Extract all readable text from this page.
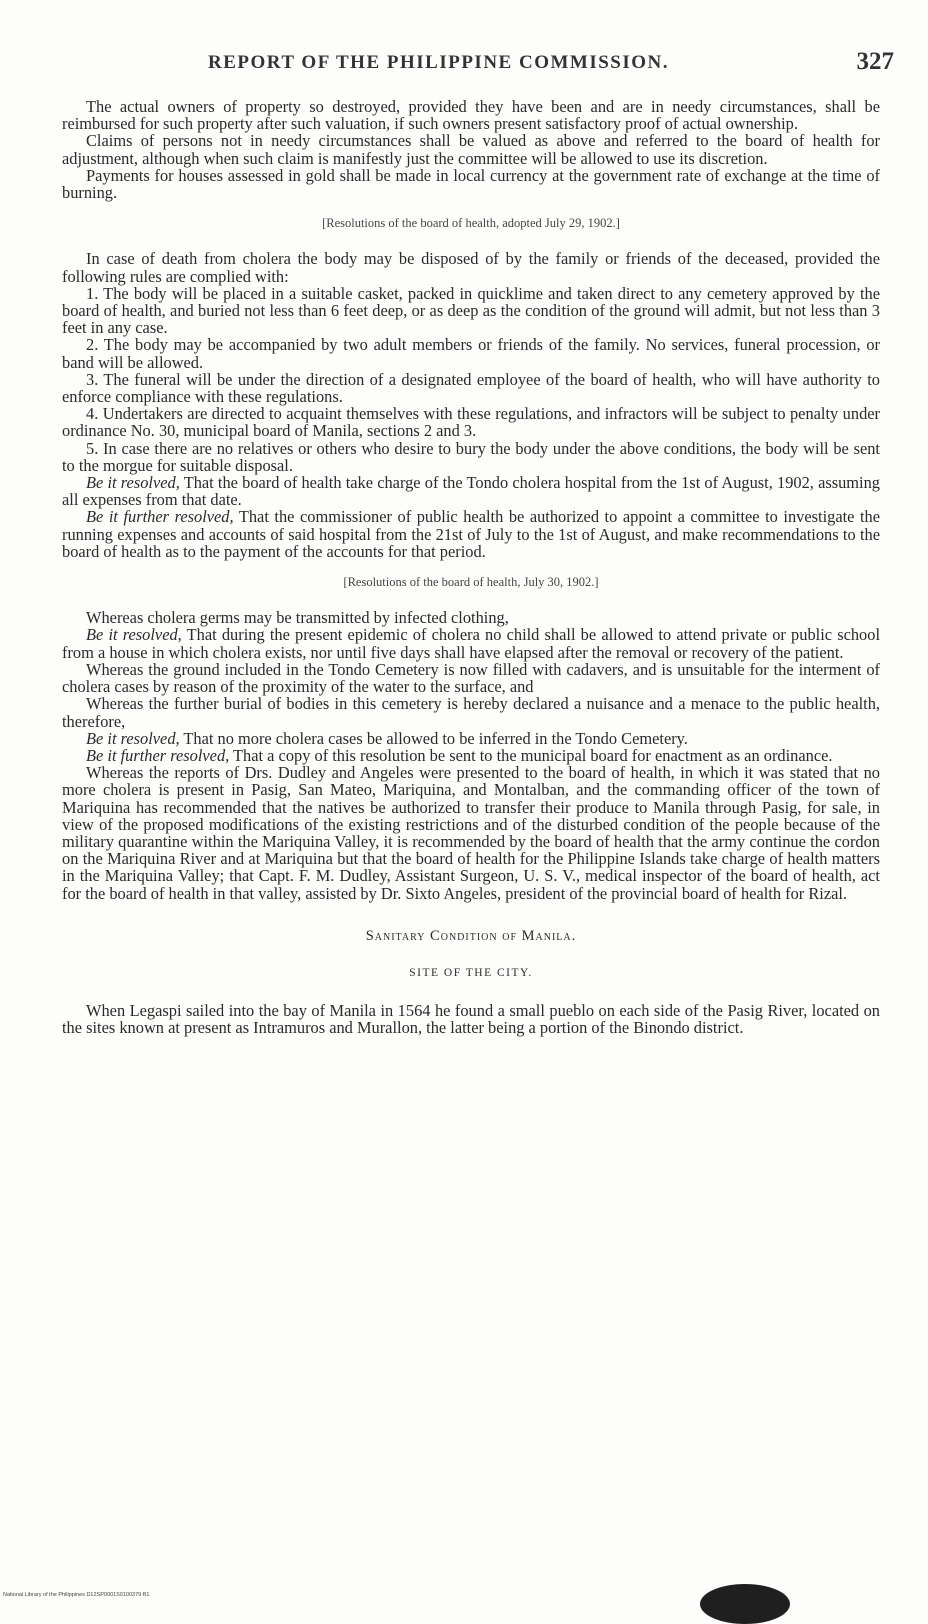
REPORT OF THE PHILIPPINE COMMISSION.	327

The actual owners of property so destroyed, provided they have been and are in needy circumstances, shall be reimbursed for such property after such valuation, if such owners present satisfactory proof of actual ownership.

Claims of persons not in needy circumstances shall be valued as above and referred to the board of health for adjustment, although when such claim is manifestly just the committee will be allowed to use its discretion.

Payments for houses assessed in gold shall be made in local currency at the government rate of exchange at the time of burning.

[Resolutions of the board of health, adopted July 29, 1902.]

In case of death from cholera the body may be disposed of by the family or friends of the deceased, provided the following rules are complied with:

1. The body will be placed in a suitable casket, packed in quicklime and taken direct to any cemetery approved by the board of health, and buried not less than 6 feet deep, or as deep as the condition of the ground will admit, but not less than 3 feet in any case.

2. The body may be accompanied by two adult members or friends of the family. No services, funeral procession, or band will be allowed.

3. The funeral will be under the direction of a designated employee of the board of health, who will have authority to enforce compliance with these regulations.

4. Undertakers are directed to acquaint themselves with these regulations, and infractors will be subject to penalty under ordinance No. 30, municipal board of Manila, sections 2 and 3.

5. In case there are no relatives or others who desire to bury the body under the above conditions, the body will be sent to the morgue for suitable disposal.

Be it resolved, That the board of health take charge of the Tondo cholera hospital from the 1st of August, 1902, assuming all expenses from that date.

Be it further resolved, That the commissioner of public health be authorized to appoint a committee to investigate the running expenses and accounts of said hospital from the 21st of July to the 1st of August, and make recommendations to the board of health as to the payment of the accounts for that period.

[Resolutions of the board of health, July 30, 1902.]

Whereas cholera germs may be transmitted by infected clothing,

Be it resolved, That during the present epidemic of cholera no child shall be allowed to attend private or public school from a house in which cholera exists, nor until five days shall have elapsed after the removal or recovery of the patient.

Whereas the ground included in the Tondo Cemetery is now filled with cadavers, and is unsuitable for the interment of cholera cases by reason of the proximity of the water to the surface, and

Whereas the further burial of bodies in this cemetery is hereby declared a nuisance and a menace to the public health, therefore,

Be it resolved, That no more cholera cases be allowed to be inferred in the Tondo Cemetery.

Be it further resolved, That a copy of this resolution be sent to the municipal board for enactment as an ordinance.

Whereas the reports of Drs. Dudley and Angeles were presented to the board of health, in which it was stated that no more cholera is present in Pasig, San Mateo, Mariquina, and Montalban, and the commanding officer of the town of Mariquina has recommended that the natives be authorized to transfer their produce to Manila through Pasig, for sale, in view of the proposed modifications of the existing restrictions and of the disturbed condition of the people because of the military quarantine within the Mariquina Valley, it is recommended by the board of health that the army continue the cordon on the Mariquina River and at Mariquina but that the board of health for the Philippine Islands take charge of health matters in the Mariquina Valley; that Capt. F. M. Dudley, Assistant Surgeon, U. S. V., medical inspector of the board of health, act for the board of health in that valley, assisted by Dr. Sixto Angeles, president of the provincial board of health for Rizal.

Sanitary Condition of Manila.

SITE OF THE CITY.

When Legaspi sailed into the bay of Manila in 1564 he found a small pueblo on each side of the Pasig River, located on the sites known at present as Intramuros and Murallon, the latter being a portion of the Binondo district.

National Library of the Philippines D12SP0001S0100379 B1
